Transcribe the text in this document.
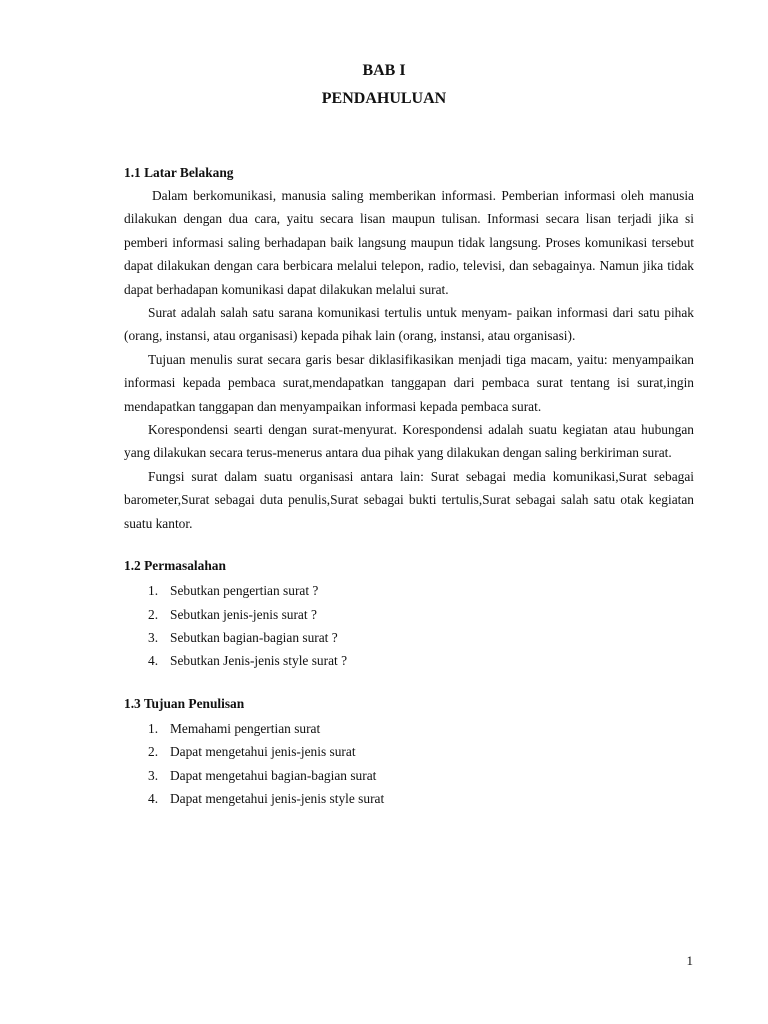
BAB I
PENDAHULUAN

1.1 Latar Belakang

Dalam berkomunikasi, manusia saling memberikan informasi. Pemberian informasi oleh manusia dilakukan dengan dua cara, yaitu secara lisan maupun tulisan. Informasi secara lisan terjadi jika si pemberi informasi saling berhadapan baik langsung maupun tidak langsung. Proses komunikasi tersebut dapat dilakukan dengan cara berbicara melalui telepon, radio, televisi, dan sebagainya. Namun jika tidak dapat berhadapan komunikasi dapat dilakukan melalui surat.

Surat adalah salah satu sarana komunikasi tertulis untuk menyam- paikan informasi dari satu pihak (orang, instansi, atau organisasi) kepada pihak lain (orang, instansi, atau organisasi).

Tujuan menulis surat secara garis besar diklasifikasikan menjadi tiga macam, yaitu: menyampaikan informasi kepada pembaca surat,mendapatkan tanggapan dari pembaca surat tentang isi surat,ingin mendapatkan tanggapan dan menyampaikan informasi kepada pembaca surat.

Korespondensi searti dengan surat-menyurat. Korespondensi adalah suatu kegiatan atau hubungan yang dilakukan secara terus-menerus antara dua pihak yang dilakukan dengan saling berkiriman surat.

Fungsi surat dalam suatu organisasi antara lain: Surat sebagai media komunikasi,Surat sebagai barometer,Surat sebagai duta penulis,Surat sebagai bukti tertulis,Surat sebagai salah satu otak kegiatan suatu kantor.

1.2 Permasalahan

1. Sebutkan pengertian surat ?
2. Sebutkan jenis-jenis surat ?
3. Sebutkan bagian-bagian surat ?
4. Sebutkan Jenis-jenis style surat ?

1.3 Tujuan Penulisan

1. Memahami pengertian surat
2. Dapat mengetahui jenis-jenis surat
3. Dapat mengetahui bagian-bagian surat
4. Dapat mengetahui jenis-jenis style surat
1
